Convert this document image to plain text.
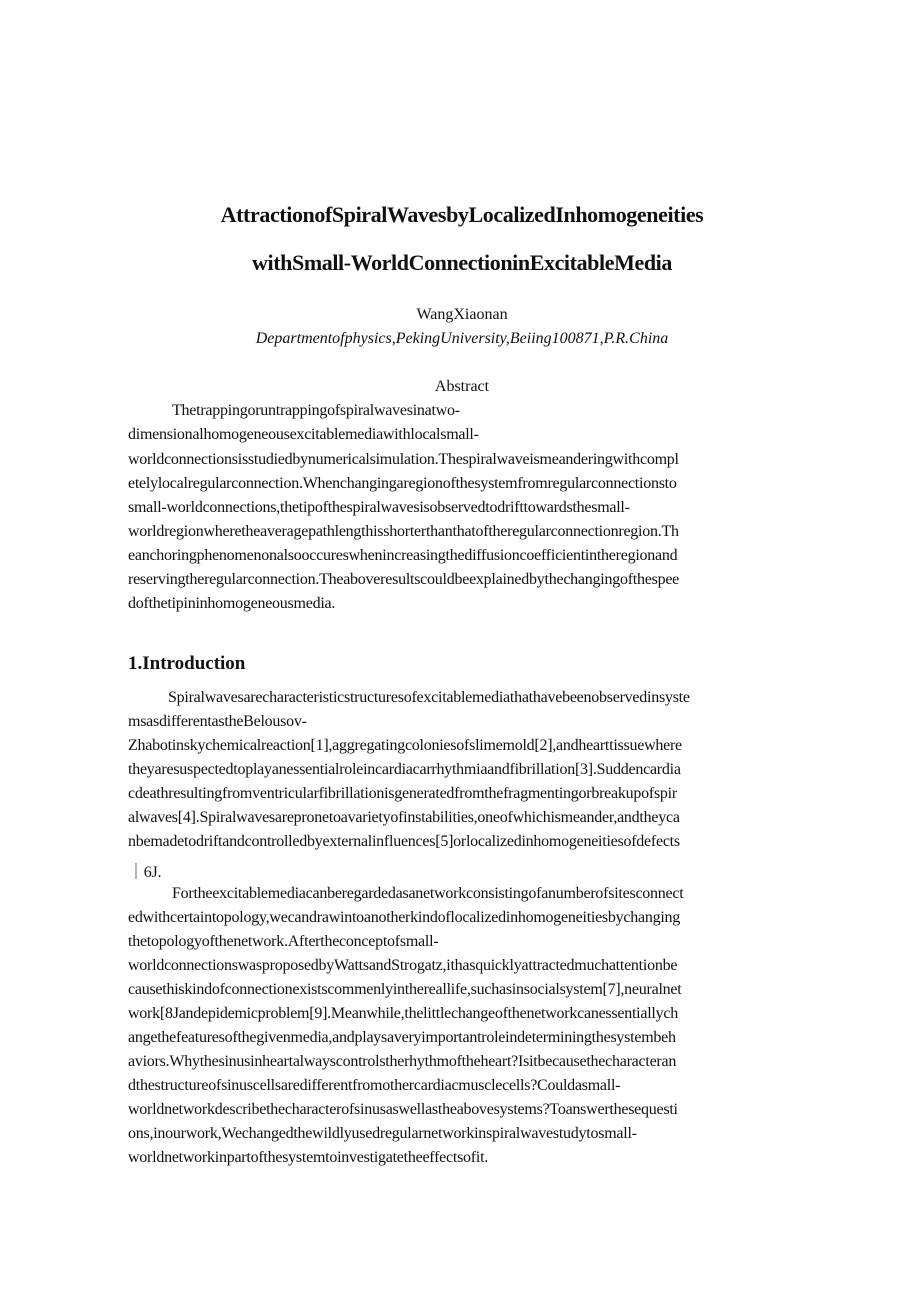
AttractionofSpiralWavesbyLocalizedInhomogeneities
withSmall-WorldConnectioninExcitableMedia
WangXiaonan
Departmentofphysics,PekingUniversity,Beiing100871,P.R.China
Abstract
Thetrappingoruntrappingofspiralwavesinatwo-
dimensionalhomogeneousexcitablemediawithlocalsmall-
worldconnectionsisstudiedbynumericalsimulation.Thespiralwaveismeanderingwithcompl
etelylocalregularconnection.Whenchangingaregionofthesystemfromregularconnectionsto
small-worldconnections,thetipofthespiralwavesisobservedtodrifttowardsthesmall-
worldregionwheretheaveragepathlengthisshorterthanthatoftheregularconnectionregion.Th
eanchoringphenomenonalsooccureswhenincreasingthediffusioncoefficientintheregionand
reservingtheregularconnection.Theaboveresultscouldbeexplainedbythechangingofthespee
dofthetipininhomogeneousmedia.
1.Introduction
Spiralwavesarecharacteristicstructuresofexcitablemediathathavebeenobservedinsyste
msasdifferentastheBelousov-
Zhabotinskychemicalreaction[1],aggregatingcoloniesofslimemold[2],andhearttissuewhere
theyaresuspectedtoplayanessentialroleincardiacarrhythmiaandfibrillation[3].Suddencardia
cdeathresultingfromventricularfibrillationisgeneratedfromthefragmentingorbreakupofspir
alwaves[4].Spiralwavesarepronetoavarietyofinstabilities,oneofwhichismeander,andtheyca
nbemadetodriftandcontrolledbyexternalinfluences[5]orlocalizedinhomogeneitiesofdefects
｜6J.
Fortheexcitablemediacanberegardedasanetworkconsistingofanumberofsitesconnect
edwithcertaintopology,wecandrawintoanotherkindoflocalizedinhomogeneitiesbychanging
thetopologyofthenetwork.Aftertheconceptofsmall-
worldconnectionswasproposedbyWattsandStrogatz,ithasquicklyattractedmuchattentionbe
causethiskindofconnectionexistscommenlyinthereallife,suchasinsocialsystem[7],neuralnet
work[8Jandepidemicproblem[9].Meanwhile,thelittlechangeofthenetworkcanessentiallych
angethefeaturesofthegivenmedia,andplaysaveryimportantroleindeterminingthesystembeh
aviors.Whythesinusinheartalwayscontrolstherhythmoftheheart?Isitbecausethecharacteran
dthestructureofsinuscellsaredifferentfromothercardiacmusclecells?Couldasmall-
worldnetworkdescribethecharacterofsinusaswellastheabovesystems?Toanswerthesequesti
ons,inourwork,Wechangedthewildlyusedregularnetworkinspiralwavestudytosmall-
worldnetworkinpartofthesystemtoinvestigatetheeffectsofit.
